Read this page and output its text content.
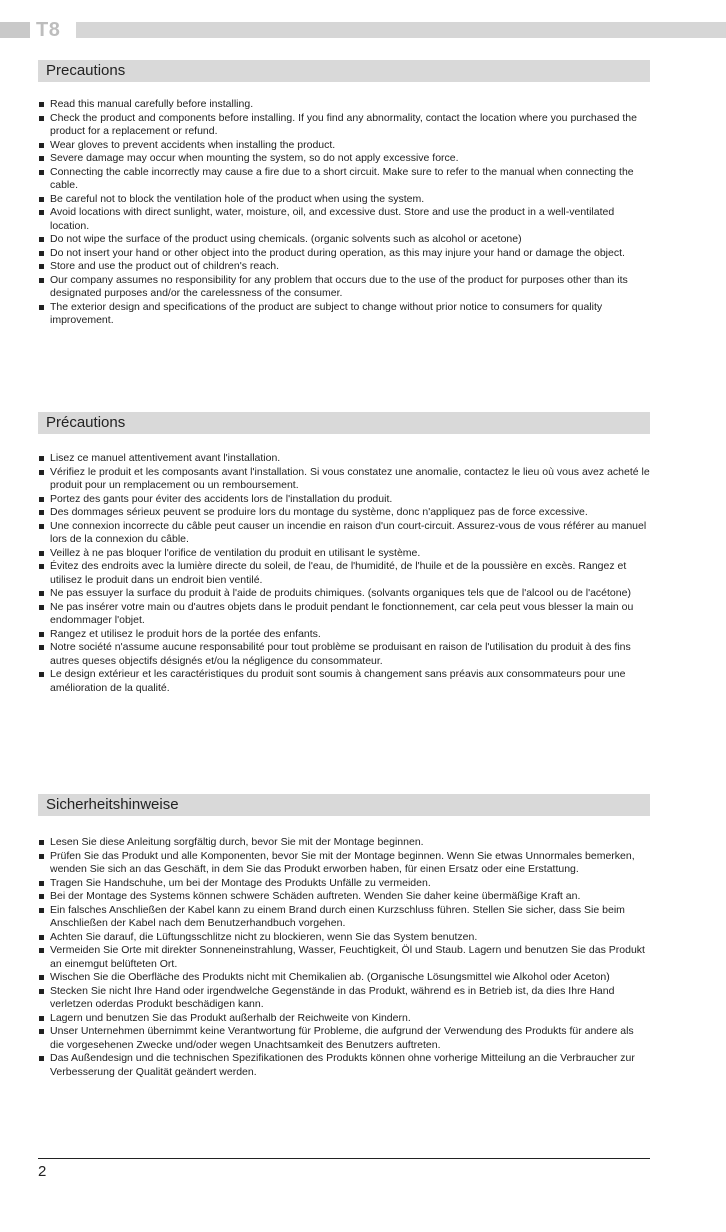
T8
Precautions
Read this manual carefully before installing.
Check the product and components before installing. If you find any abnormality, contact the location where you purchased the product for a replacement or refund.
Wear gloves to prevent accidents when installing the product.
Severe damage may occur when mounting the system, so do not apply excessive force.
Connecting the cable incorrectly may cause a fire due to a short circuit. Make sure to refer to the manual when connecting the cable.
Be careful not to block the ventilation hole of the product when using the system.
Avoid locations with direct sunlight, water, moisture, oil, and excessive dust. Store and use the product in a well-ventilated location.
Do not wipe the surface of the product using chemicals. (organic solvents such as alcohol or acetone)
Do not insert your hand or other object into the product during operation, as this may injure your hand or damage the object.
Store and use the product out of children's reach.
Our company assumes no responsibility for any problem that occurs due to the use of the product for purposes other than its designated purposes and/or the carelessness of the consumer.
The exterior design and specifications of the product are subject to change without prior notice to consumers for quality improvement.
Précautions
Lisez ce manuel attentivement avant l'installation.
Vérifiez le produit et les composants avant l'installation. Si vous constatez une anomalie, contactez le lieu où vous avez acheté le produit pour un remplacement ou un remboursement.
Portez des gants pour éviter des accidents lors de l'installation du produit.
Des dommages sérieux peuvent se produire lors du montage du système, donc n'appliquez pas de force excessive.
Une connexion incorrecte du câble peut causer un incendie en raison d'un court-circuit. Assurez-vous de vous référer au manuel lors de la connexion du câble.
Veillez à ne pas bloquer l'orifice de ventilation du produit en utilisant le système.
Évitez des endroits avec la lumière directe du soleil, de l'eau, de l'humidité, de l'huile et de la poussière en excès. Rangez et utilisez le produit dans un endroit bien ventilé.
Ne pas essuyer la surface du produit à l'aide de produits chimiques. (solvants organiques tels que de l'alcool ou de l'acétone)
Ne pas insérer votre main ou d'autres objets dans le produit pendant le fonctionnement, car cela peut vous blesser la main ou endommager l'objet.
Rangez et utilisez le produit hors de la portée des enfants.
Notre société n'assume aucune responsabilité pour tout problème se produisant en raison de l'utilisation du produit à des fins autres queses objectifs désignés et/ou la négligence du consommateur.
Le design extérieur et les caractéristiques du produit sont soumis à changement sans préavis aux consommateurs pour une amélioration de la qualité.
Sicherheitshinweise
Lesen Sie diese Anleitung sorgfältig durch, bevor Sie mit der Montage beginnen.
Prüfen Sie das Produkt und alle Komponenten, bevor Sie mit der Montage beginnen. Wenn Sie etwas Unnormales bemerken, wenden Sie sich an das Geschäft, in dem Sie das Produkt erworben haben, für einen Ersatz oder eine Erstattung.
Tragen Sie Handschuhe, um bei der Montage des Produkts Unfälle zu vermeiden.
Bei der Montage des Systems können schwere Schäden auftreten. Wenden Sie daher keine übermäßige Kraft an.
Ein falsches Anschließen der Kabel kann zu einem Brand durch einen Kurzschluss führen. Stellen Sie sicher, dass Sie beim Anschließen der Kabel nach dem Benutzerhandbuch vorgehen.
Achten Sie darauf, die Lüftungsschlitze nicht zu blockieren, wenn Sie das System benutzen.
Vermeiden Sie Orte mit direkter Sonneneinstrahlung, Wasser, Feuchtigkeit, Öl und Staub. Lagern und benutzen Sie das Produkt an einemgut belüfteten Ort.
Wischen Sie die Oberfläche des Produkts nicht mit Chemikalien ab. (Organische Lösungsmittel wie Alkohol oder Aceton)
Stecken Sie nicht Ihre Hand oder irgendwelche Gegenstände in das Produkt, während es in Betrieb ist, da dies Ihre Hand verletzen oderdas Produkt beschädigen kann.
Lagern und benutzen Sie das Produkt außerhalb der Reichweite von Kindern.
Unser Unternehmen übernimmt keine Verantwortung für Probleme, die aufgrund der Verwendung des Produkts für andere als die vorgesehenen Zwecke und/oder wegen Unachtsamkeit des Benutzers auftreten.
Das Außendesign und die technischen Spezifikationen des Produkts können ohne vorherige Mitteilung an die Verbraucher zur Verbesserung der Qualität geändert werden.
2
